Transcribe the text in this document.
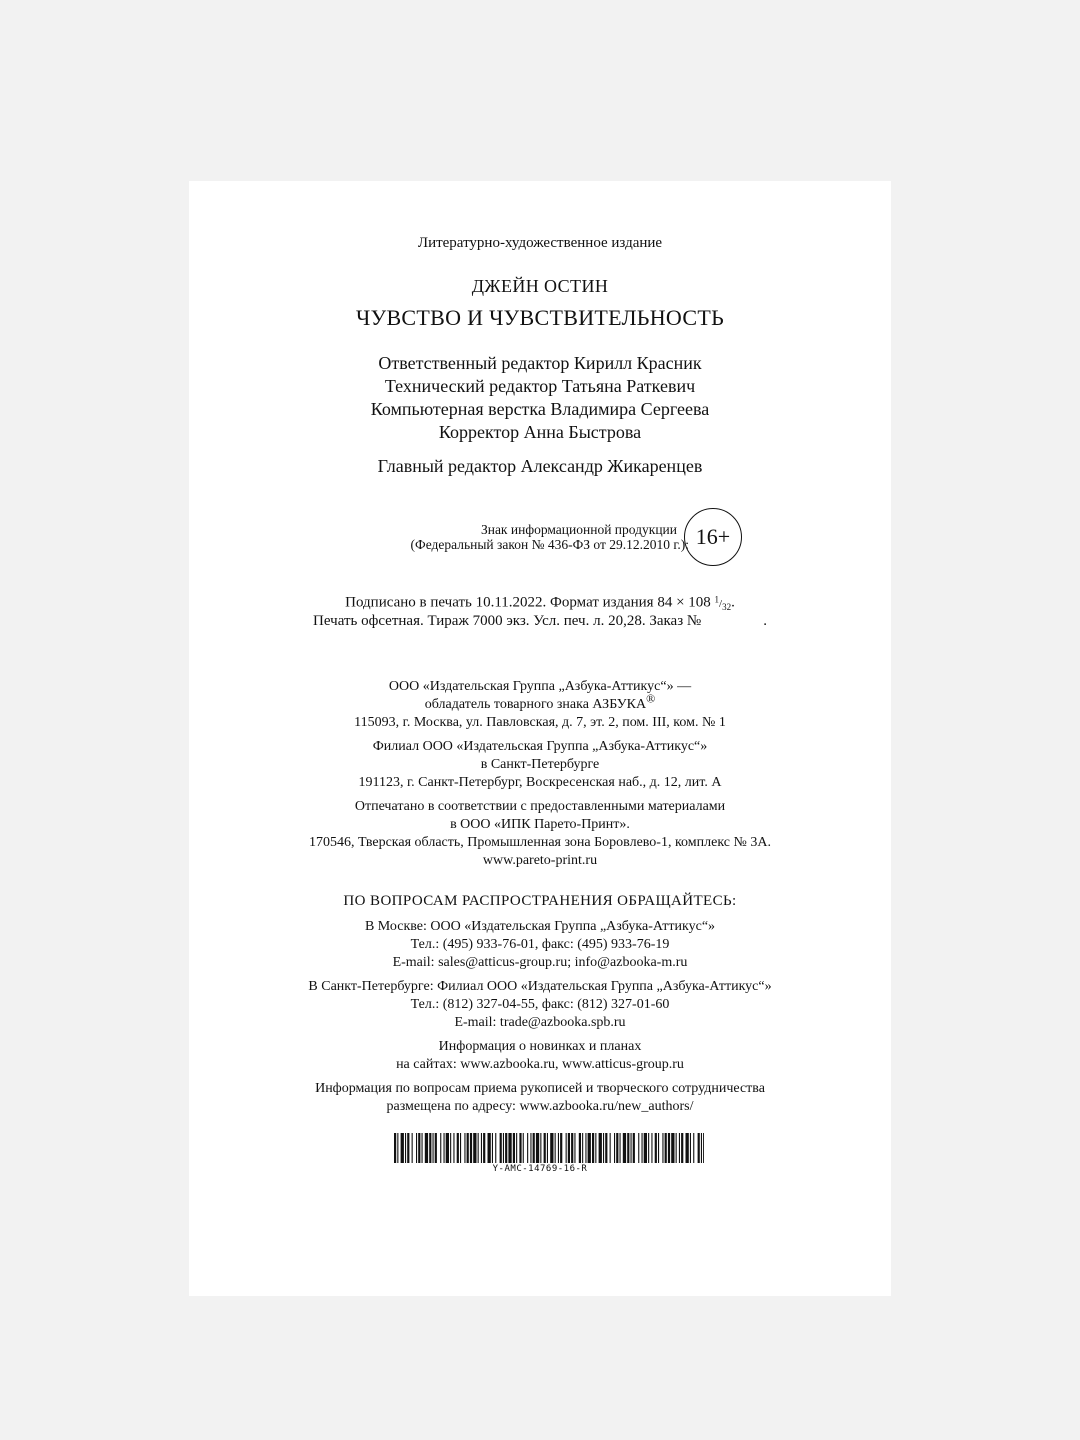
Литературно-художественное издание
ДЖЕЙН ОСТИН
ЧУВСТВО И ЧУВСТВИТЕЛЬНОСТЬ
Ответственный редактор Кирилл Красник
Технический редактор Татьяна Раткевич
Компьютерная верстка Владимира Сергеева
Корректор Анна Быстрова
Главный редактор Александр Жикаренцев
Знак информационной продукции
(Федеральный закон № 436-ФЗ от 29.12.2010 г.): 16+
Подписано в печать 10.11.2022. Формат издания 84 × 108 $^1/_{32}$.
Печать офсетная. Тираж 7000 экз. Усл. печ. л. 20,28. Заказ №	.
ООО «Издательская Группа „Азбука-Аттикус“» —
обладатель товарного знака АЗБУКА®
115093, г. Москва, ул. Павловская, д. 7, эт. 2, пом. III, ком. № 1
Филиал ООО «Издательская Группа „Азбука-Аттикус“»
в Санкт-Петербурге
191123, г. Санкт-Петербург, Воскресенская наб., д. 12, лит. А
Отпечатано в соответствии с предоставленными материалами
в ООО «ИПК Парето-Принт».
170546, Тверская область, Промышленная зона Боровлево-1, комплекс № 3А.
www.pareto-print.ru
ПО ВОПРОСАМ РАСПРОСТРАНЕНИЯ ОБРАЩАЙТЕСЬ:
В Москве: ООО «Издательская Группа „Азбука-Аттикус“»
Тел.: (495) 933-76-01, факс: (495) 933-76-19
E-mail: sales@atticus-group.ru; info@azbooka-m.ru
В Санкт-Петербурге: Филиал ООО «Издательская Группа „Азбука-Аттикус“»
Тел.: (812) 327-04-55, факс: (812) 327-01-60
E-mail: trade@azbooka.spb.ru
Информация о новинках и планах
на сайтах: www.azbooka.ru, www.atticus-group.ru
Информация по вопросам приема рукописей и творческого сотрудничества
размещена по адресу: www.azbooka.ru/new_authors/
Y-AMC-14769-16-R
